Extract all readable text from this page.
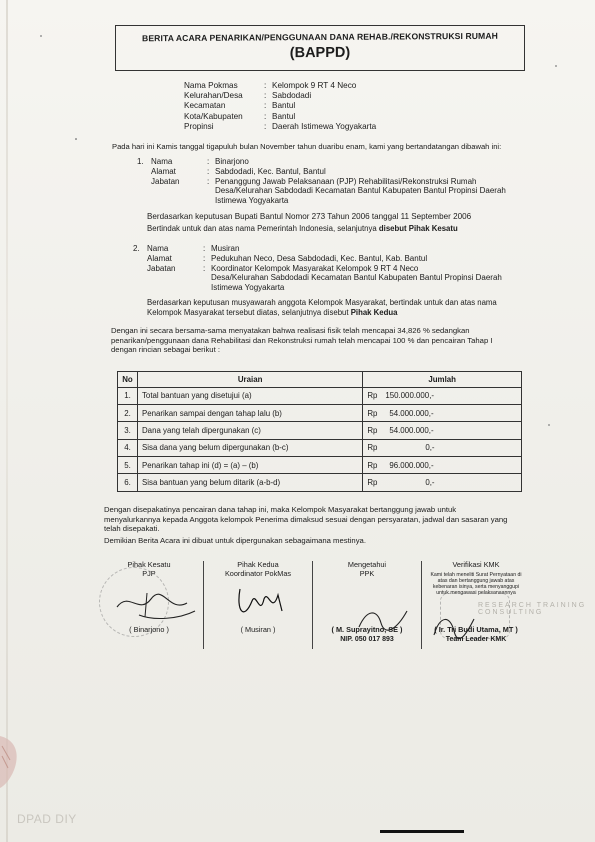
BERITA ACARA PENARIKAN/PENGGUNAAN DANA REHAB./REKONSTRUKSI RUMAH
(BAPPD)
Nama Pokmas	: Kelompok 9 RT 4 Neco
Kelurahan/Desa	: Sabdodadi
Kecamatan	: Bantul
Kota/Kabupaten	: Bantul
Propinsi	: Daerah Istimewa Yogyakarta
Pada hari ini Kamis tanggal tigapuluh bulan November tahun duaribu enam, kami yang bertandatangan dibawah ini:
1. Nama	: Binarjono
Alamat	: Sabdodadi, Kec. Bantul, Bantul
Jabatan	: Penanggung Jawab Pelaksanaan (PJP) Rehabilitasi/Rekonstruksi Rumah
Desa/Kelurahan Sabdodadi Kecamatan Bantul Kabupaten Bantul Propinsi Daerah
Istimewa Yogyakarta
Berdasarkan keputusan Bupati Bantul Nomor 273 Tahun 2006 tanggal 11 September 2006
Bertindak untuk dan atas nama Pemerintah Indonesia, selanjutnya disebut Pihak Kesatu
2. Nama	: Musiran
Alamat	: Pedukuhan Neco, Desa Sabdodadi, Kec. Bantul, Kab. Bantul
Jabatan	: Koordinator Kelompok Masyarakat Kelompok 9 RT 4 Neco
Desa/Kelurahan Sabdodadi Kecamatan Bantul Kabupaten Bantul Propinsi Daerah
Istimewa Yogyakarta
Berdasarkan keputusan musyawarah anggota Kelompok Masyarakat, bertindak untuk dan atas nama
Kelompok Masyarakat tersebut diatas, selanjutnya disebut Pihak Kedua
Dengan ini secara bersama-sama menyatakan bahwa realisasi fisik telah mencapai 34,826 % sedangkan
penarikan/penggunaan dana Rehabilitasi dan Rekonstruksi rumah telah mencapai 100 % dan pencairan Tahap I
dengan rincian sebagai berikut :
No	Uraian	Jumlah
1.	Total bantuan yang disetujui (a)	Rp 150.000.000,-

2.	Penarikan sampai dengan tahap lalu (b)	Rp 54.000.000,-

3.	Dana yang telah dipergunakan (c)	Rp 54.000.000,-

4.	Sisa dana yang belum dipergunakan (b-c)	Rp 0,-

5.	Penarikan tahap ini (d) = (a) – (b)	Rp 96.000.000,-

6.	Sisa bantuan yang belum ditarik (a-b-d)	Rp 0,-
Dengan disepakatinya pencairan dana tahap ini, maka Kelompok Masyarakat bertanggung jawab untuk
menyalurkannya kepada Anggota kelompok Penerima dimaksud sesuai dengan persyaratan, jadwal dan sasaran yang
telah disepakati.
Demikian Berita Acara ini dibuat untuk dipergunakan sebagaimana mestinya.
Pihak Kesatu
PJP
( Binarjono )
Pihak Kedua
Koordinator PokMas
( Musiran )
Mengetahui
PPK
( M. Suprayitno, SE )
NIP. 050 017 893
Verifikasi KMK
Kami telah meneliti Surat Pernyataan di atas dan bertanggung jawab atas kebenaran isinya, serta menyanggupi untuk mengawasi pelaksanaannya
( Ir. Tri Budi Utama, MT )
Team Leader KMK
RESEARCH TRAINING CONSULTING
DPAD DIY
